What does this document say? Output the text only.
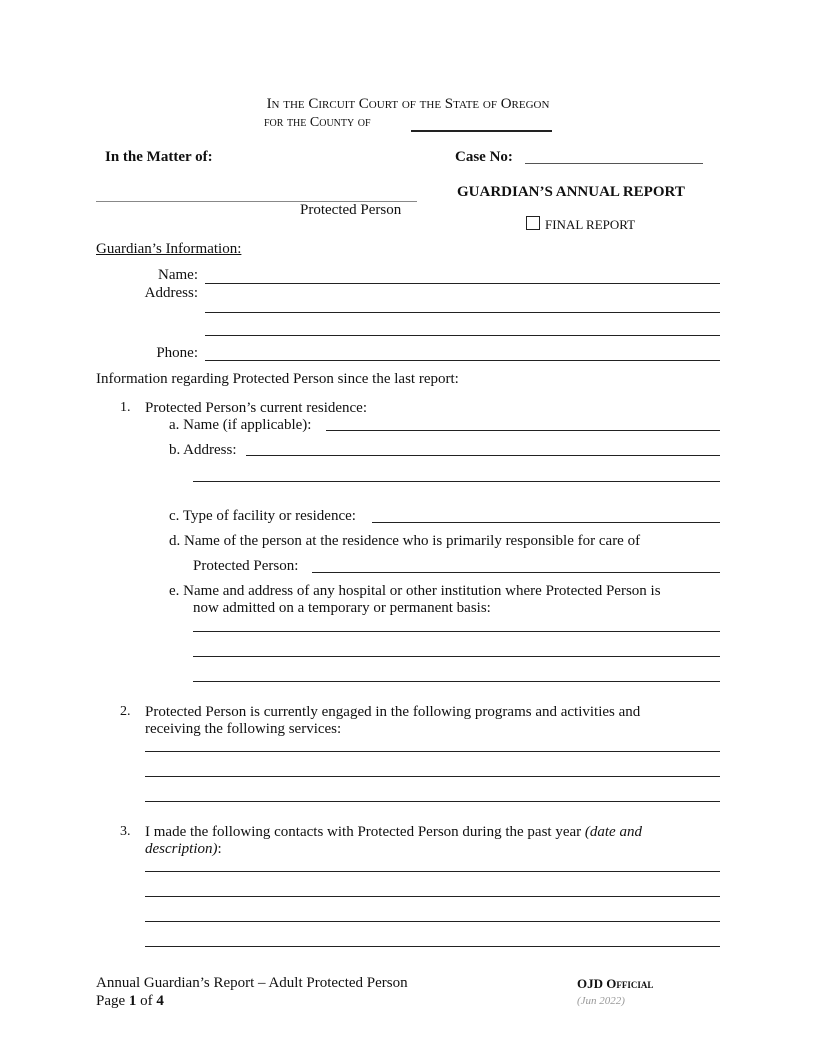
In the Circuit Court of the State of Oregon
for the County of
In the Matter of:	Case No:
Protected Person
GUARDIAN’S ANNUAL REPORT
FINAL REPORT
Guardian’s Information:
Name:
Address:
Phone:
Information regarding Protected Person since the last report:
1. Protected Person’s current residence:
a. Name (if applicable):
b. Address:
c. Type of facility or residence:
d. Name of the person at the residence who is primarily responsible for care of
Protected Person:
e. Name and address of any hospital or other institution where Protected Person is
now admitted on a temporary or permanent basis:
2. Protected Person is currently engaged in the following programs and activities and
receiving the following services:
3. I made the following contacts with Protected Person during the past year (date and
description):
Annual Guardian’s Report – Adult Protected Person
Page 1 of 4
OJD Official
(Jun 2022)
